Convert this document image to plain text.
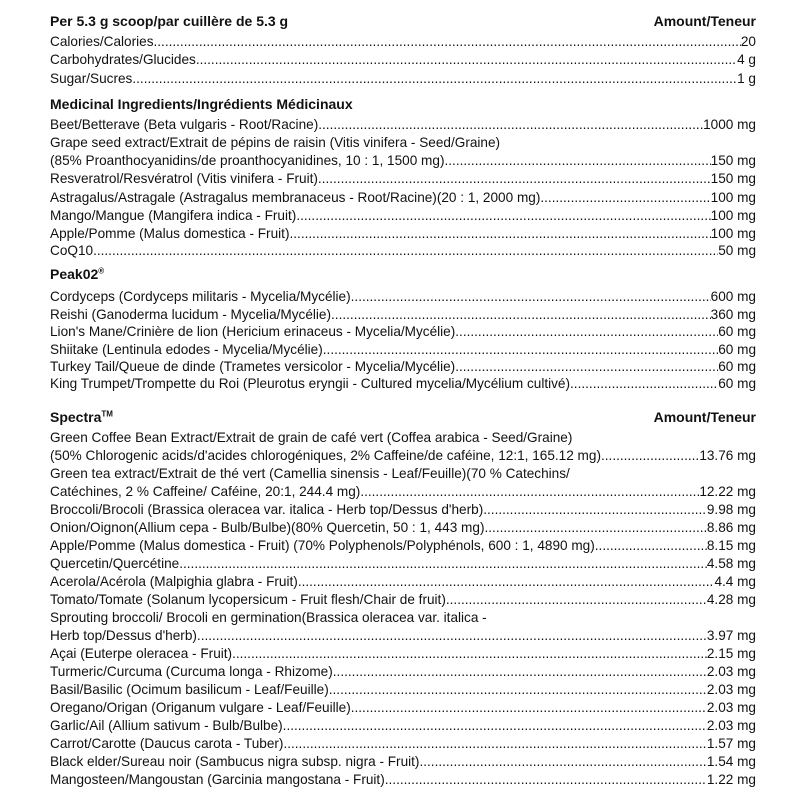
Per 5.3 g scoop/par cuillère de 5.3 g	Amount/Teneur
Calories/Calories .....	20
Carbohydrates/Glucides .....	4 g
Sugar/Sucres .....	1 g
Medicinal Ingredients/Ingrédients Médicinaux
Beet/Betterave (Beta vulgaris - Root/Racine) .....	1000 mg
Grape seed extract/Extrait de pépins de raisin (Vitis vinifera - Seed/Graine)
(85% Proanthocyanidins/de proanthocyanidines, 10 : 1, 1500 mg) .....	150 mg
Resveratrol/Resvératrol (Vitis vinifera - Fruit) .....	150 mg
Astragalus/Astragale (Astragalus membranaceus - Root/Racine)(20 : 1, 2000 mg) .....	100 mg
Mango/Mangue (Mangifera indica - Fruit) .....	100 mg
Apple/Pomme (Malus domestica - Fruit) .....	100 mg
CoQ10 .....	50 mg
Peak02®
Cordyceps (Cordyceps militaris - Mycelia/Mycélie) .....	600 mg
Reishi (Ganoderma lucidum - Mycelia/Mycélie) .....	360 mg
Lion's Mane/Crinière de lion (Hericium erinaceus - Mycelia/Mycélie) .....	60 mg
Shiitake (Lentinula edodes - Mycelia/Mycélie) .....	60 mg
Turkey Tail/Queue de dinde (Trametes versicolor - Mycelia/Mycélie) .....	60 mg
King Trumpet/Trompette du Roi (Pleurotus eryngii - Cultured mycelia/Mycélium cultivé) .....	60 mg
Spectra™	Amount/Teneur
Green Coffee Bean Extract/Extrait de grain de café vert (Coffea arabica - Seed/Graine)
(50% Chlorogenic acids/d'acides chlorogéniques, 2% Caffeine/de caféine, 12:1, 165.12 mg) .....	13.76 mg
Green tea extract/Extrait de thé vert (Camellia sinensis - Leaf/Feuille)(70 % Catechins/
Catéchines, 2 % Caffeine/ Caféine, 20:1, 244.4 mg) .....	12.22 mg
Broccoli/Brocoli (Brassica oleracea var. italica - Herb top/Dessus d'herb) .....	9.98 mg
Onion/Oignon(Allium cepa - Bulb/Bulbe)(80% Quercetin, 50 : 1, 443 mg) .....	8.86 mg
Apple/Pomme (Malus domestica - Fruit) (70% Polyphenols/Polyphénols, 600 : 1, 4890 mg) .....	8.15 mg
Quercetin/Quercétine .....	4.58 mg
Acerola/Acérola (Malpighia glabra - Fruit) .....	4.4 mg
Tomato/Tomate (Solanum lycopersicum - Fruit flesh/Chair de fruit) .....	4.28 mg
Sprouting broccoli/ Brocoli en germination(Brassica oleracea var. italica -
Herb top/Dessus d'herb) .....	3.97 mg
Açai (Euterpe oleracea - Fruit) .....	2.15 mg
Turmeric/Curcuma (Curcuma longa - Rhizome) .....	2.03 mg
Basil/Basilic (Ocimum basilicum - Leaf/Feuille) .....	2.03 mg
Oregano/Origan (Origanum vulgare - Leaf/Feuille) .....	2.03 mg
Garlic/Ail (Allium sativum - Bulb/Bulbe) .....	2.03 mg
Carrot/Carotte (Daucus carota - Tuber) .....	1.57 mg
Black elder/Sureau noir (Sambucus nigra subsp. nigra - Fruit) .....	1.54 mg
Mangosteen/Mangoustan (Garcinia mangostana - Fruit) .....	1.22 mg
